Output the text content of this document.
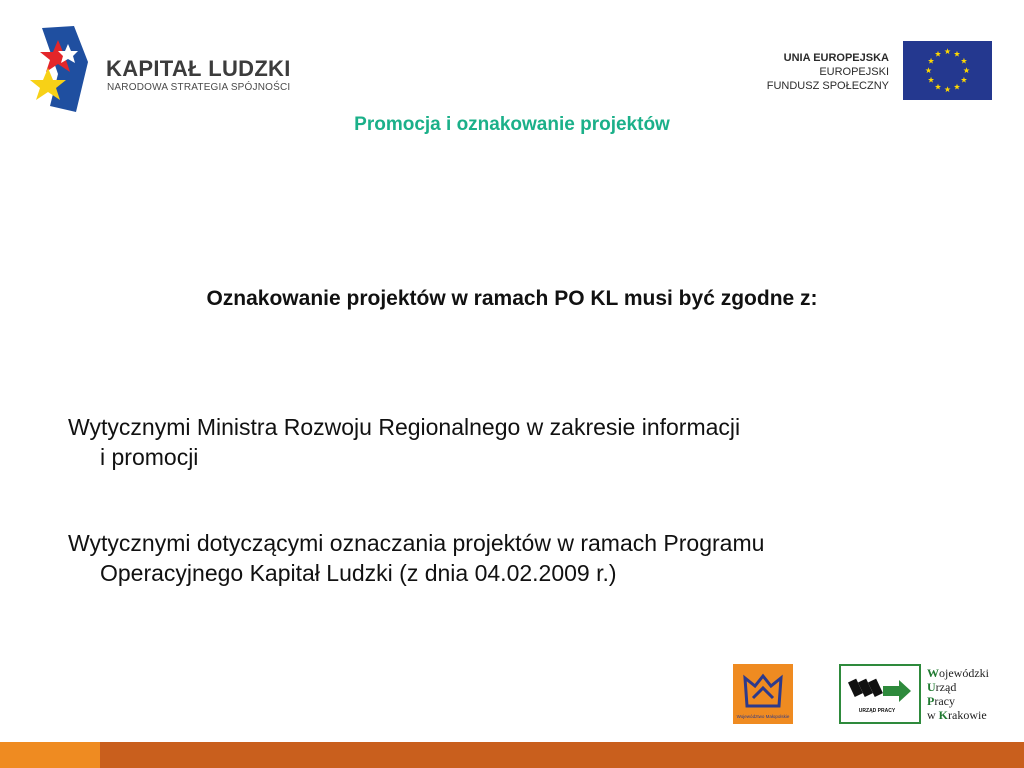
KAPITAŁ LUDZKI
NARODOWA STRATEGIA SPÓJNOŚCI
UNIA EUROPEJSKA
EUROPEJSKI
FUNDUSZ SPOŁECZNY
Promocja i oznakowanie projektów
Oznakowanie projektów w ramach PO KL musi być zgodne z:
Wytycznymi Ministra Rozwoju Regionalnego w zakresie informacji
i promocji
Wytycznymi dotyczącymi oznaczania projektów w ramach Programu
Operacyjnego Kapitał Ludzki (z dnia 04.02.2009 r.)
Województwo Małopolskie
URZĄD PRACY
Wojewódzki
Urząd
Pracy
w Krakowie
